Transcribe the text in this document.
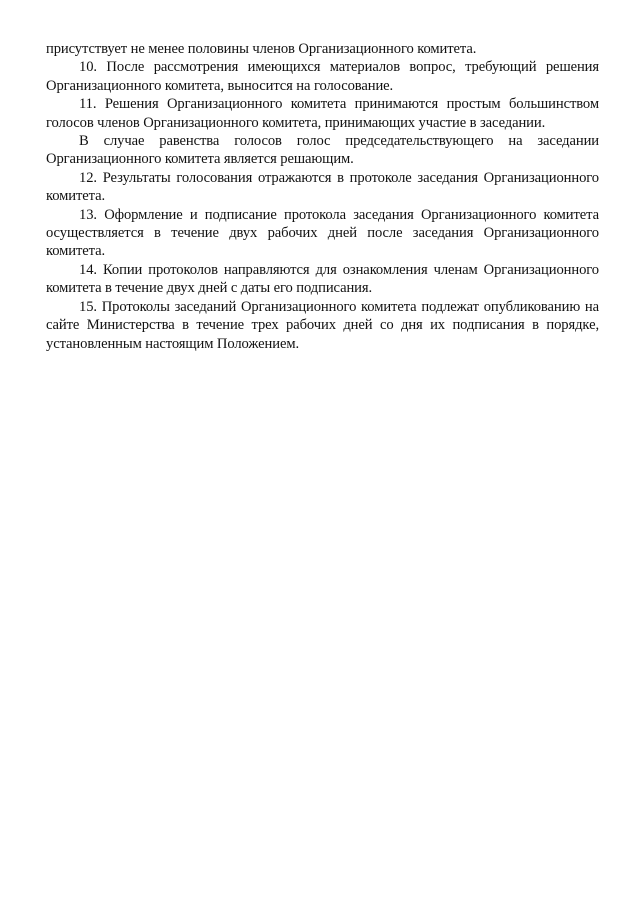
присутствует не менее половины членов Организационного комитета.

10. После рассмотрения имеющихся материалов вопрос, требующий решения Организационного комитета, выносится на голосование.

11. Решения Организационного комитета принимаются простым большинством голосов членов Организационного комитета, принимающих участие в заседании.

В случае равенства голосов голос председательствующего на заседании Организационного комитета является решающим.

12. Результаты голосования отражаются в протоколе заседания Организационного комитета.

13. Оформление и подписание протокола заседания Организационного комитета осуществляется в течение двух рабочих дней после заседания Организационного комитета.

14. Копии протоколов направляются для ознакомления членам Организационного комитета в течение двух дней с даты его подписания.

15. Протоколы заседаний Организационного комитета подлежат опубликованию на сайте Министерства в течение трех рабочих дней со дня их подписания в порядке, установленным настоящим Положением.
